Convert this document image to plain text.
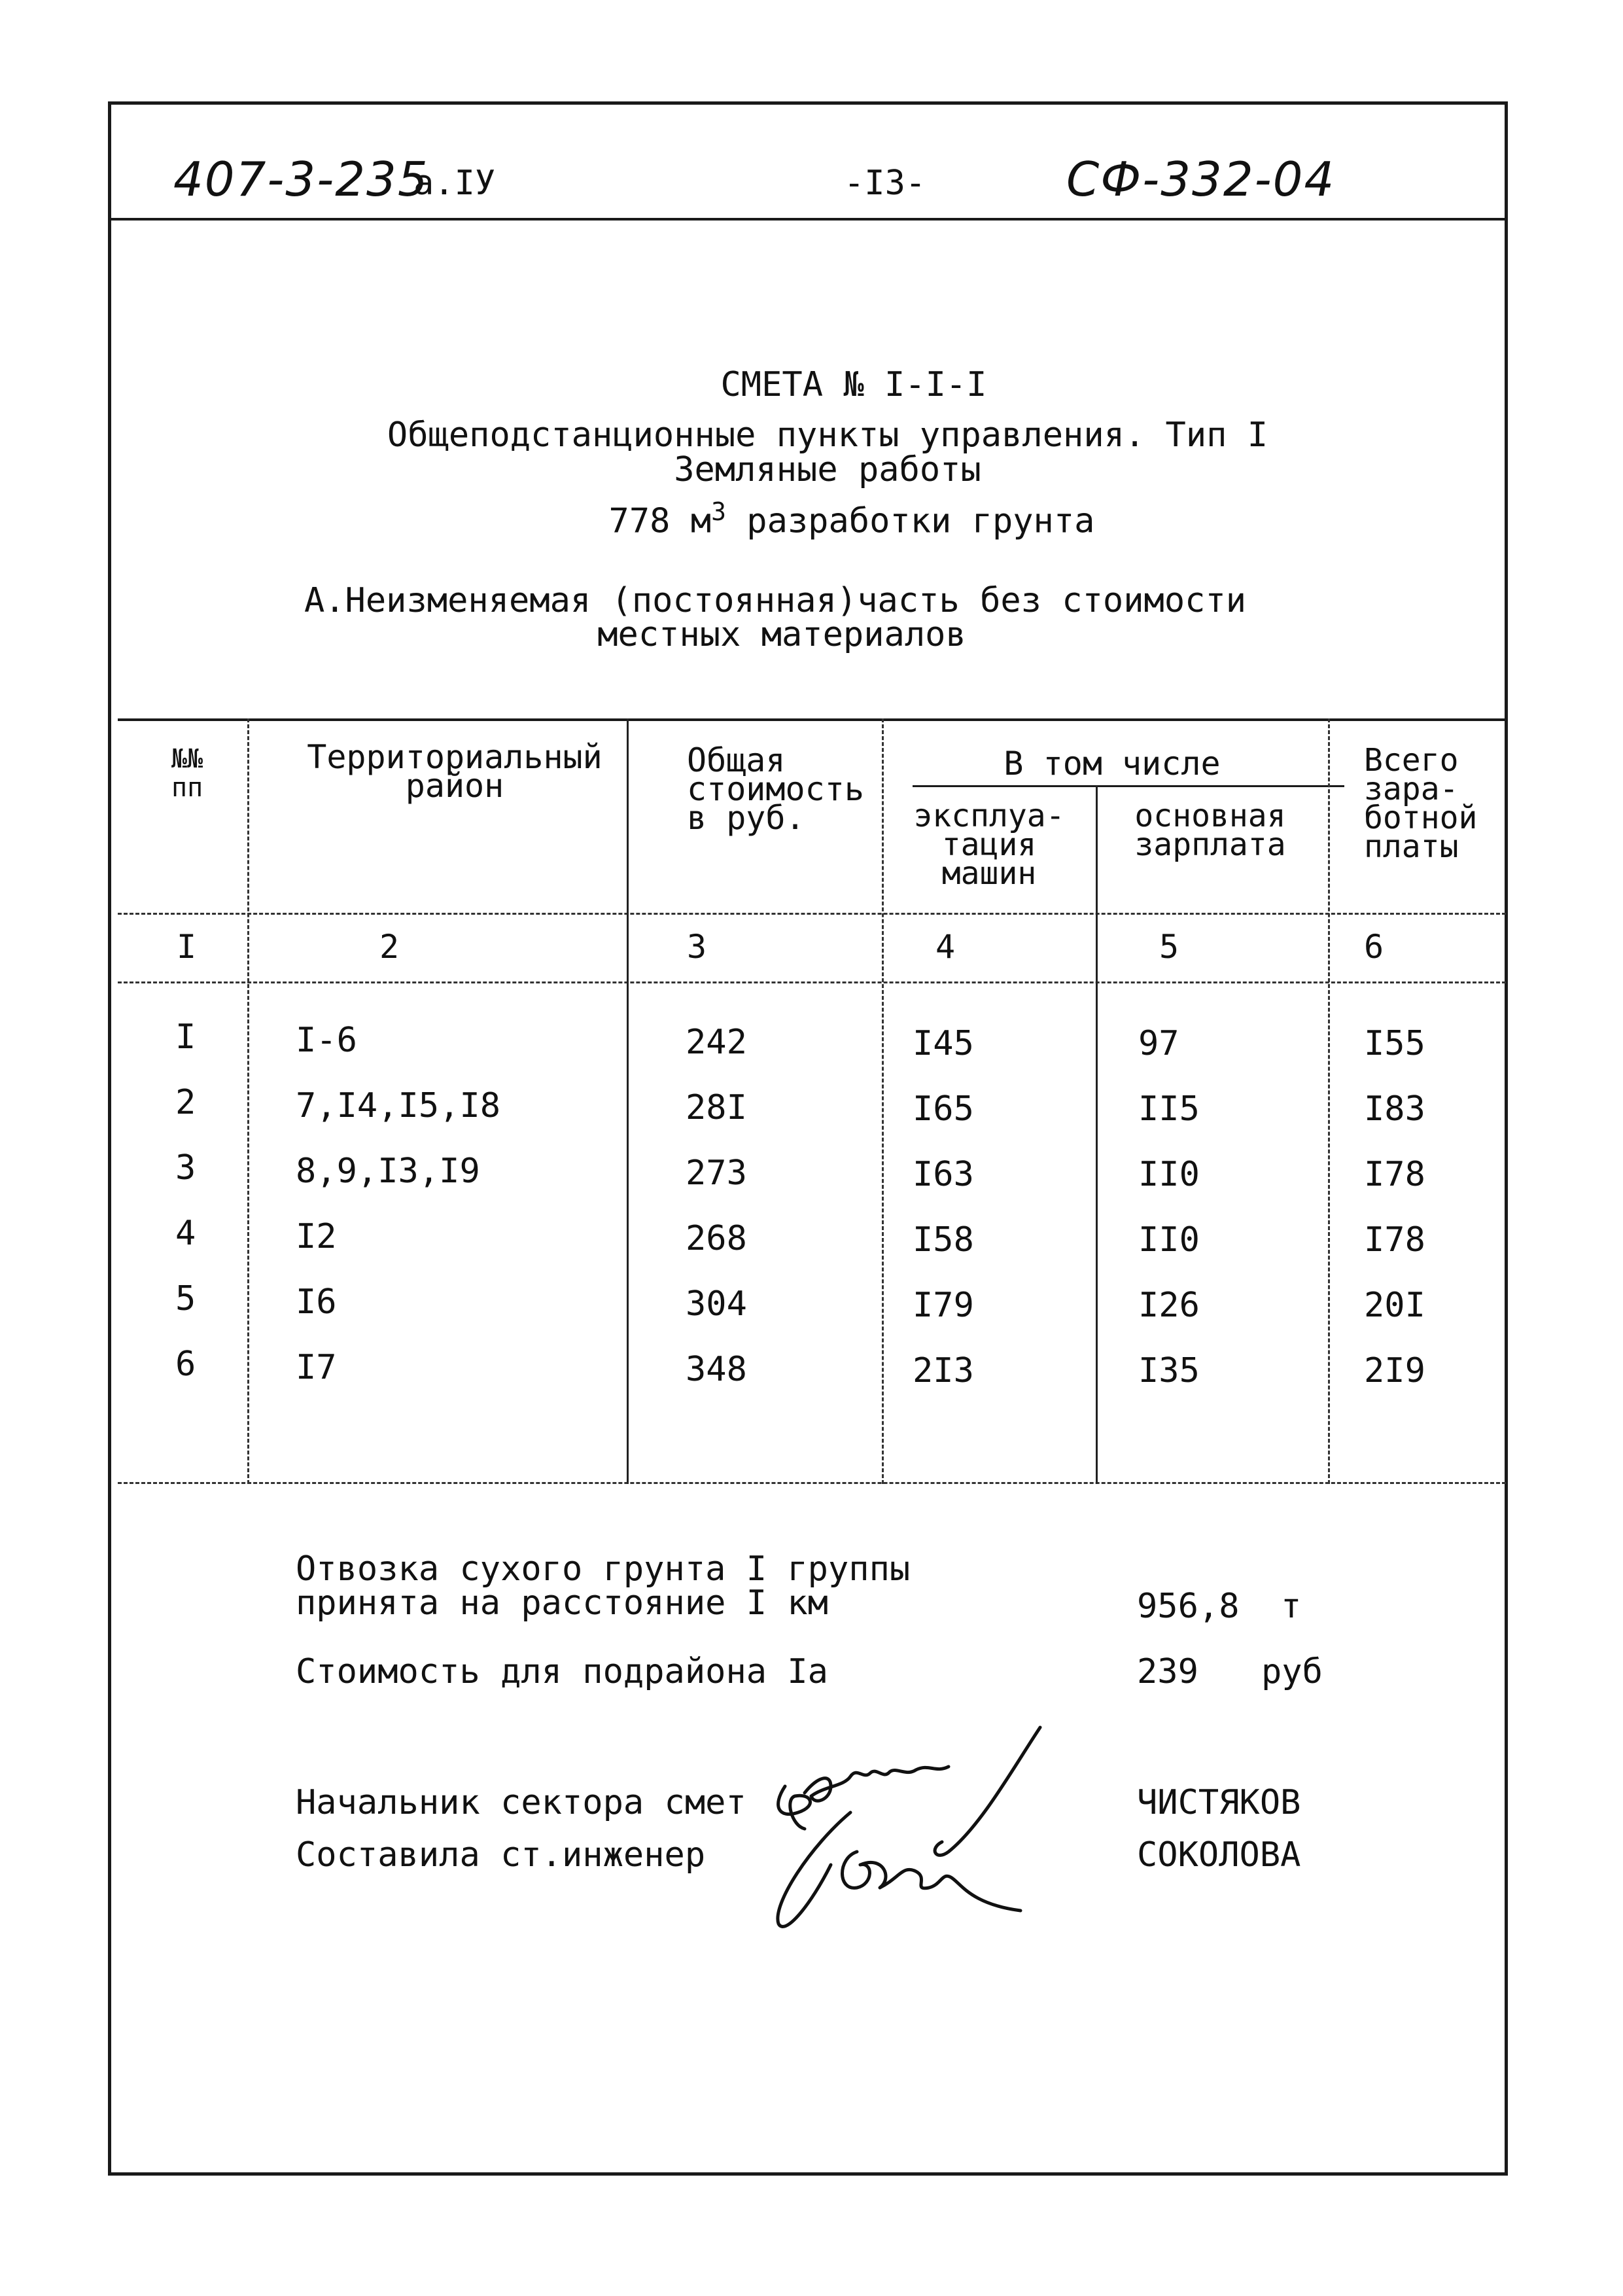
407-3-235
а.IУ	-I3-	СФ-332-04
СМЕТА № I-I-I
Общеподстанционные пункты управления. Тип I
Земляные работы
778 $м^3$ разработки грунта
А.Неизменяемая (постоянная)часть без стоимости
местных материалов
№№
пп
Территориальный
район
Общая
стоимость
в руб.
В том числе
эксплуа-
тация
машин
основная
зарплата
Всего
зара-
ботной
платы
I	2	3	4	5	6
I	I-6	242	I45	97	I55
2	7,I4,I5,I8	28I	I65	II5	I83
3	8,9,I3,I9	273	I63	II0	I78
4	I2	268	I58	II0	I78
5	I6	304	I79	I26	20I
6	I7	348	2I3	I35	2I9
Отвозка сухого грунта I группы
принята на расстояние I км	956,8 т
Стоимость для подрайона Iа	239 руб
Начальник сектора смет	ЧИСТЯКОВ
Составила ст.инженер	СОКОЛОВА
